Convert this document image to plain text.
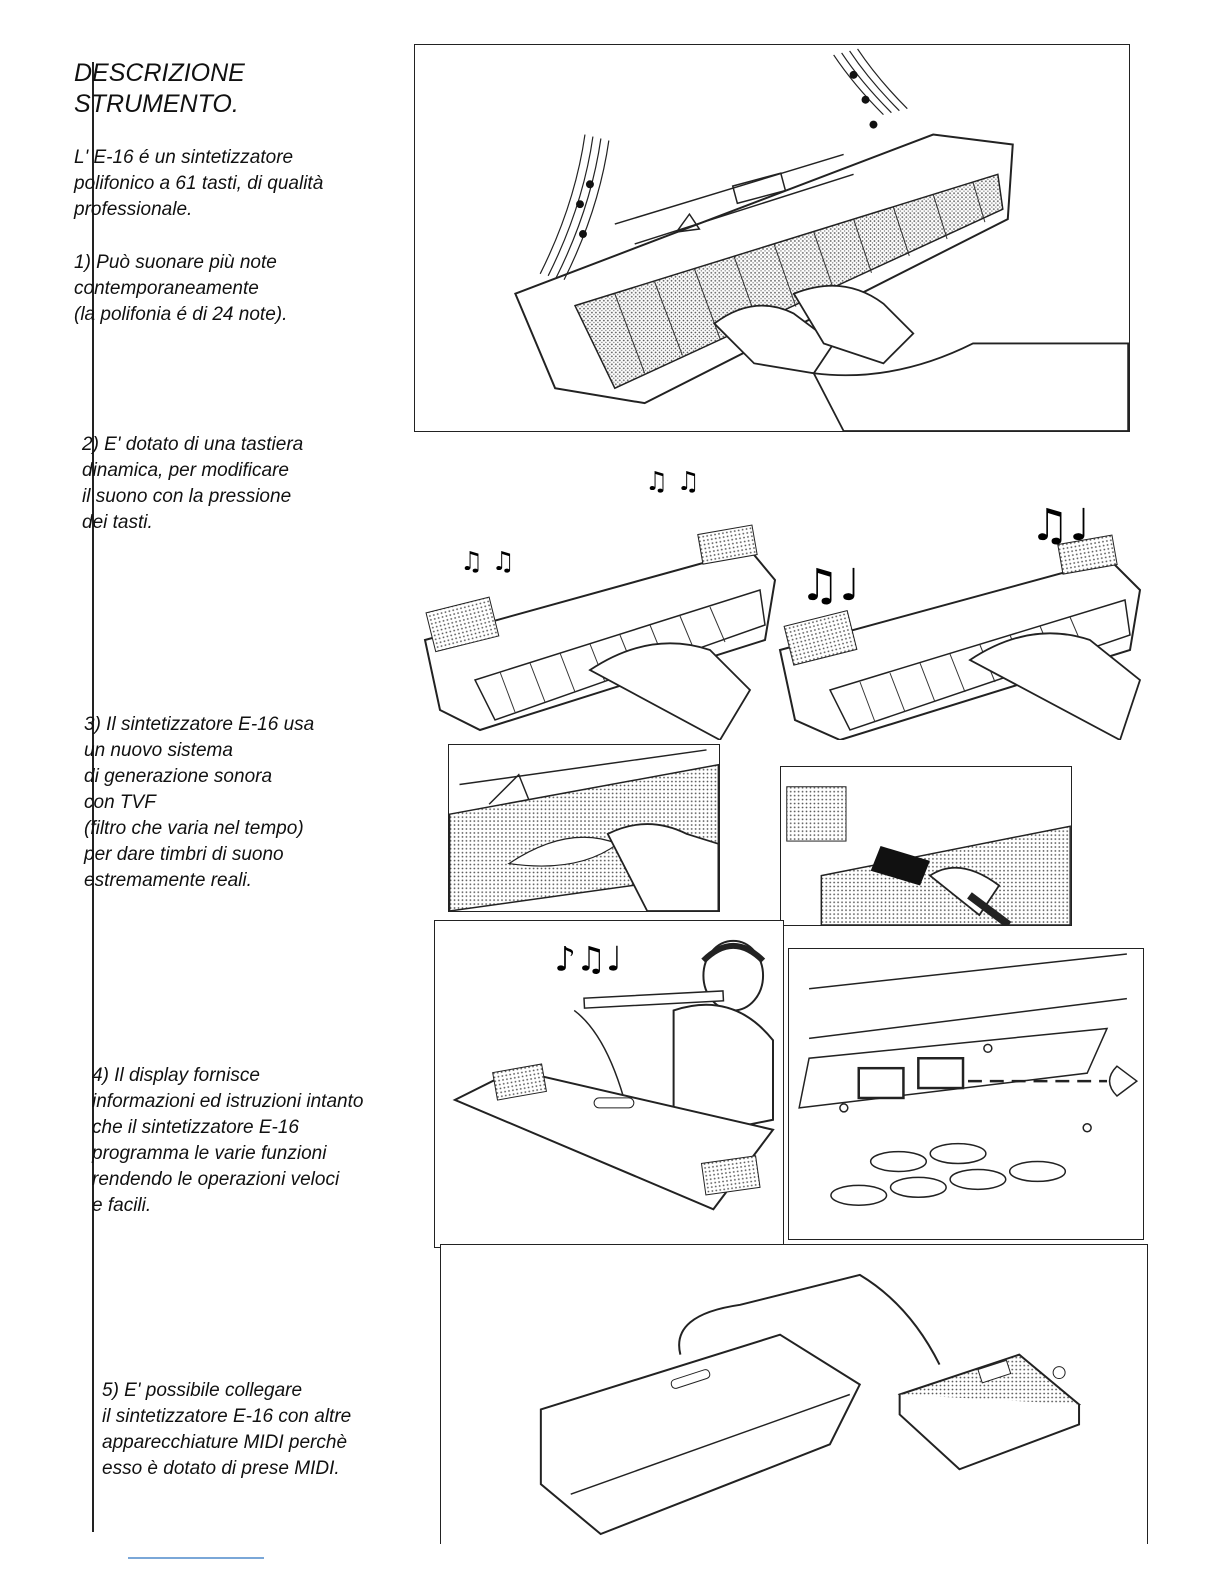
DESCRIZIONE
STRUMENTO.

L' E-16 é un sintetizzatore
polifonico a 61 tasti, di qualità
professionale.

1) Può suonare più note
contemporaneamente
(la polifonia é di 24 note).

2) E' dotato di una tastiera
dinamica, per modificare
il suono con la pressione
dei tasti.

3) Il sintetizzatore E-16 usa
un nuovo sistema
di generazione sonora
con TVF
(filtro che varia nel tempo)
per dare timbri di suono
estremamente reali.

4) Il display fornisce
informazioni ed istruzioni intanto
che il sintetizzatore E-16
programma le varie funzioni
rendendo le operazioni veloci
e facili.

5) E' possibile collegare
il sintetizzatore E-16 con altre
apparecchiature MIDI perchè
esso è dotato di prese MIDI.

♫ ♫
♫ ♫
♫♩
♫♩
♪♫♩
